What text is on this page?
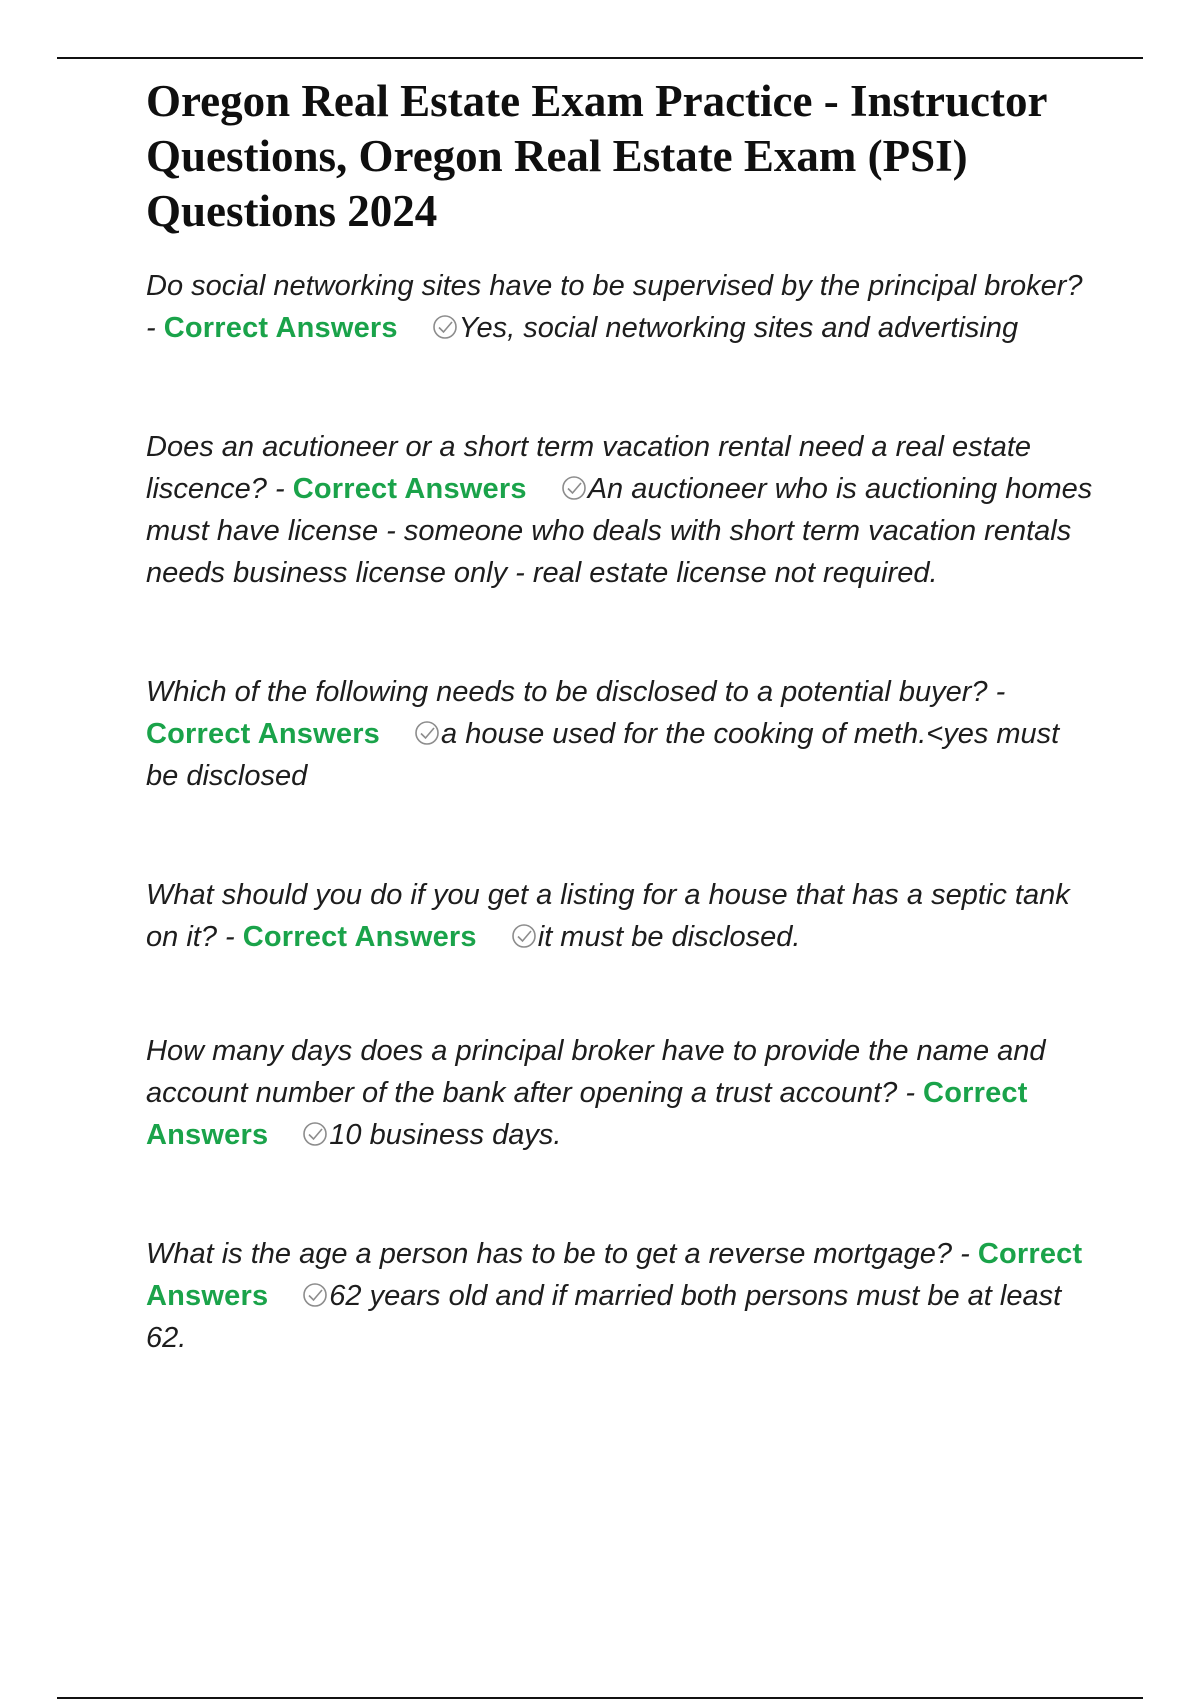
Oregon Real Estate Exam Practice - Instructor Questions, Oregon Real Estate Exam (PSI) Questions 2024

Do social networking sites have to be supervised by the principal broker? - Correct Answers Yes, social networking sites and advertising

Does an acutioneer or a short term vacation rental need a real estate liscence? - Correct Answers An auctioneer who is auctioning homes must have license - someone who deals with short term vacation rentals needs business license only - real estate license not required.

Which of the following needs to be disclosed to a potential buyer? - Correct Answers a house used for the cooking of meth.<yes must be disclosed

What should you do if you get a listing for a house that has a septic tank on it? - Correct Answers it must be disclosed.

How many days does a principal broker have to provide the name and account number of the bank after opening a trust account? - Correct Answers 10 business days.

What is the age a person has to be to get a reverse mortgage? - Correct Answers 62 years old and if married both persons must be at least 62.
